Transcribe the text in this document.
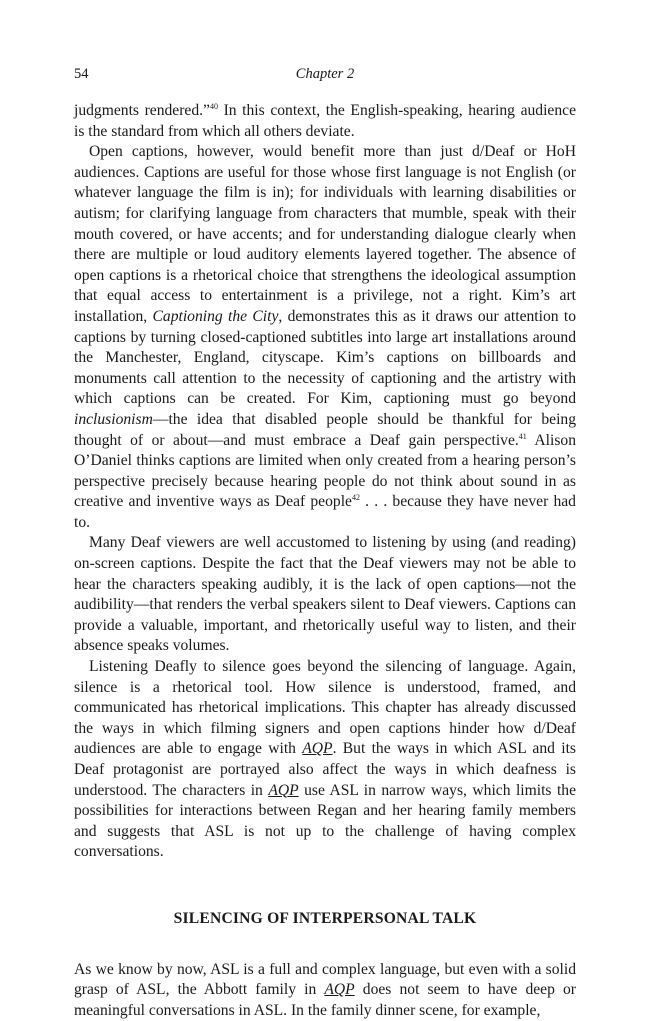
54	Chapter 2

judgments rendered.”$^{40}$ In this context, the English-speaking, hearing audience is the standard from which all others deviate.

Open captions, however, would benefit more than just d/Deaf or HoH audiences. Captions are useful for those whose first language is not English (or whatever language the film is in); for individuals with learning disabilities or autism; for clarifying language from characters that mumble, speak with their mouth covered, or have accents; and for understanding dialogue clearly when there are multiple or loud auditory elements layered together. The absence of open captions is a rhetorical choice that strengthens the ideological assumption that equal access to entertainment is a privilege, not a right. Kim’s art installation, Captioning the City, demonstrates this as it draws our attention to captions by turning closed-captioned subtitles into large art installations around the Manchester, England, cityscape. Kim’s captions on billboards and monuments call attention to the necessity of captioning and the artistry with which captions can be created. For Kim, captioning must go beyond inclusionism—the idea that disabled people should be thankful for being thought of or about—and must embrace a Deaf gain perspective.$^{41}$ Alison O’Daniel thinks captions are limited when only created from a hearing person’s perspective precisely because hearing people do not think about sound in as creative and inventive ways as Deaf people$^{42}$ . . . because they have never had to.

Many Deaf viewers are well accustomed to listening by using (and reading) on-screen captions. Despite the fact that the Deaf viewers may not be able to hear the characters speaking audibly, it is the lack of open captions—not the audibility—that renders the verbal speakers silent to Deaf viewers. Captions can provide a valuable, important, and rhetorically useful way to listen, and their absence speaks volumes.

Listening Deafly to silence goes beyond the silencing of language. Again, silence is a rhetorical tool. How silence is understood, framed, and communicated has rhetorical implications. This chapter has already discussed the ways in which filming signers and open captions hinder how d/Deaf audiences are able to engage with AQP. But the ways in which ASL and its Deaf protagonist are portrayed also affect the ways in which deafness is understood. The characters in AQP use ASL in narrow ways, which limits the possibilities for interactions between Regan and her hearing family members and suggests that ASL is not up to the challenge of having complex conversations.

SILENCING OF INTERPERSONAL TALK

As we know by now, ASL is a full and complex language, but even with a solid grasp of ASL, the Abbott family in AQP does not seem to have deep or meaningful conversations in ASL. In the family dinner scene, for example,
